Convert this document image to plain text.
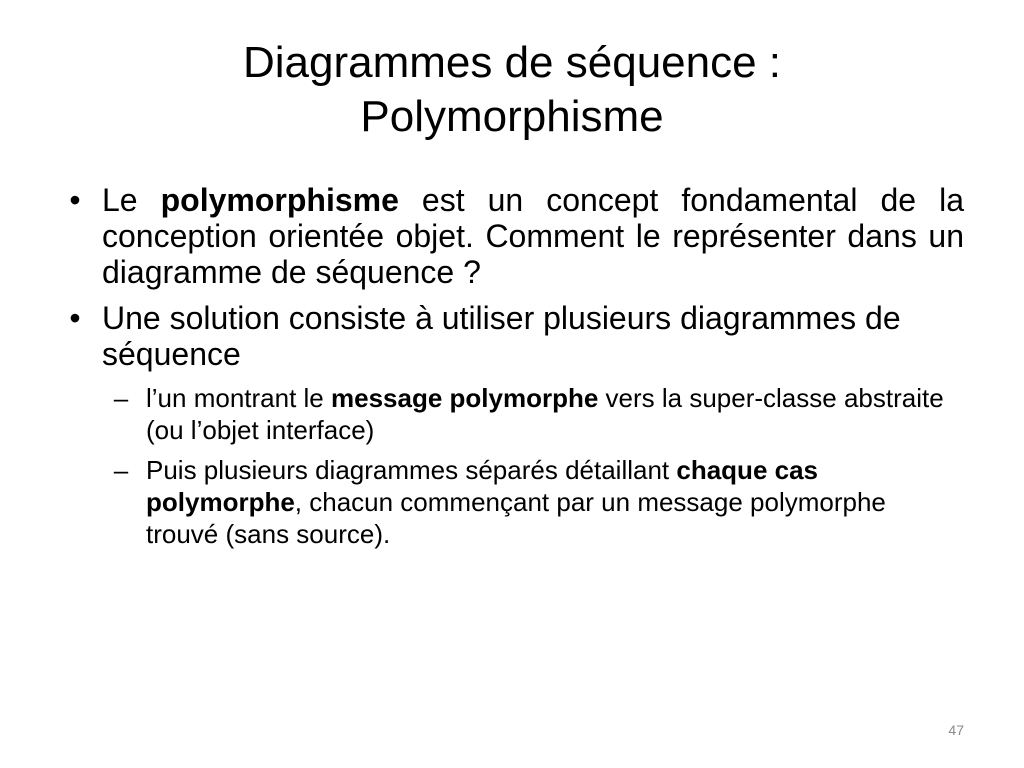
Diagrammes de séquence :
Polymorphisme
• Le polymorphisme est un concept fondamental de la conception orientée objet. Comment le représenter dans un diagramme de séquence ?
• Une solution consiste à utiliser plusieurs diagrammes de séquence
– l’un montrant le message polymorphe vers la super-classe abstraite (ou l’objet interface)
– Puis plusieurs diagrammes séparés détaillant chaque cas polymorphe, chacun commençant par un message polymorphe trouvé (sans source).
47
